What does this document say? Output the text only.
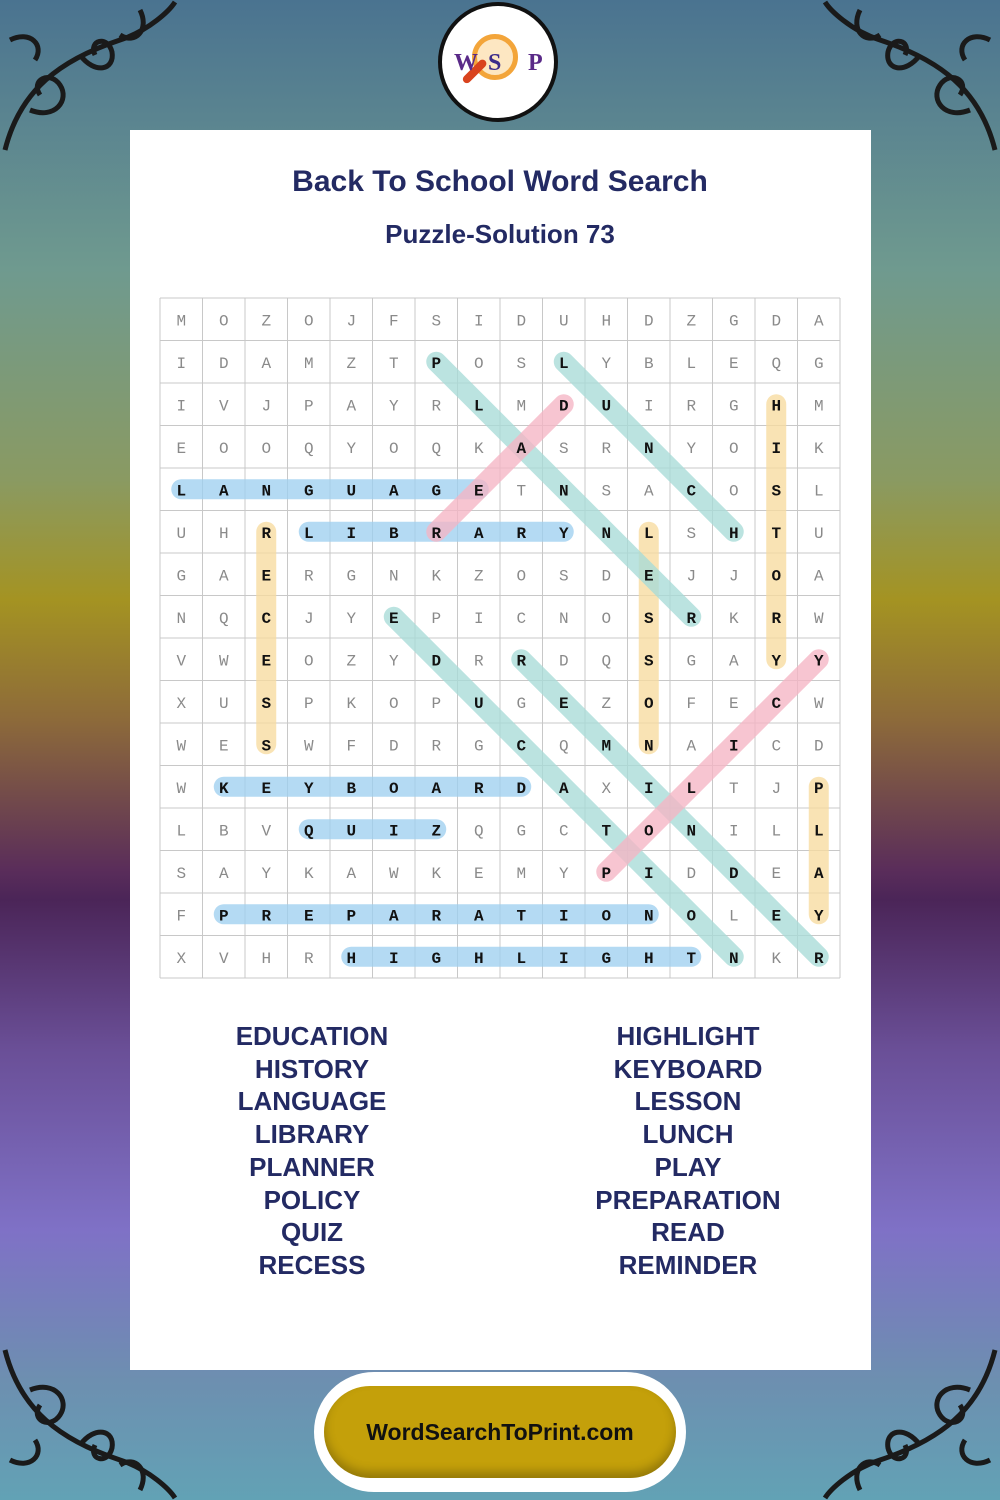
W S P
Back To School Word Search
Puzzle-Solution 73
M O Z O J F S I D U H D Z G D A
I D A M Z T P O S L Y B L E Q G
I V J P A Y R L M D U I R G H M
E O O Q Y O Q K A S R N Y O I K
L A N G U A G E T N S A C O S L
U H R L I B R A R Y N L S H T U
G A E R G N K Z O S D E J J O A
N Q C J Y E P I C N O S R K R W
V W E O Z Y D R R D Q S G A Y Y
X U S P K O P U G E Z O F E C W
W E S W F D R G C Q M N A I C D
W K E Y B O A R D A X I L T J P
L B V Q U I Z Q G C T O N I L L
S A Y K A W K E M Y P I D D E A
F P R E P A R A T I O N O L E Y
X V H R H I G H L I G H T N K R
EDUCATION
HISTORY
LANGUAGE
LIBRARY
PLANNER
POLICY
QUIZ
RECESS
HIGHLIGHT
KEYBOARD
LESSON
LUNCH
PLAY
PREPARATION
READ
REMINDER
WordSearchToPrint.com
